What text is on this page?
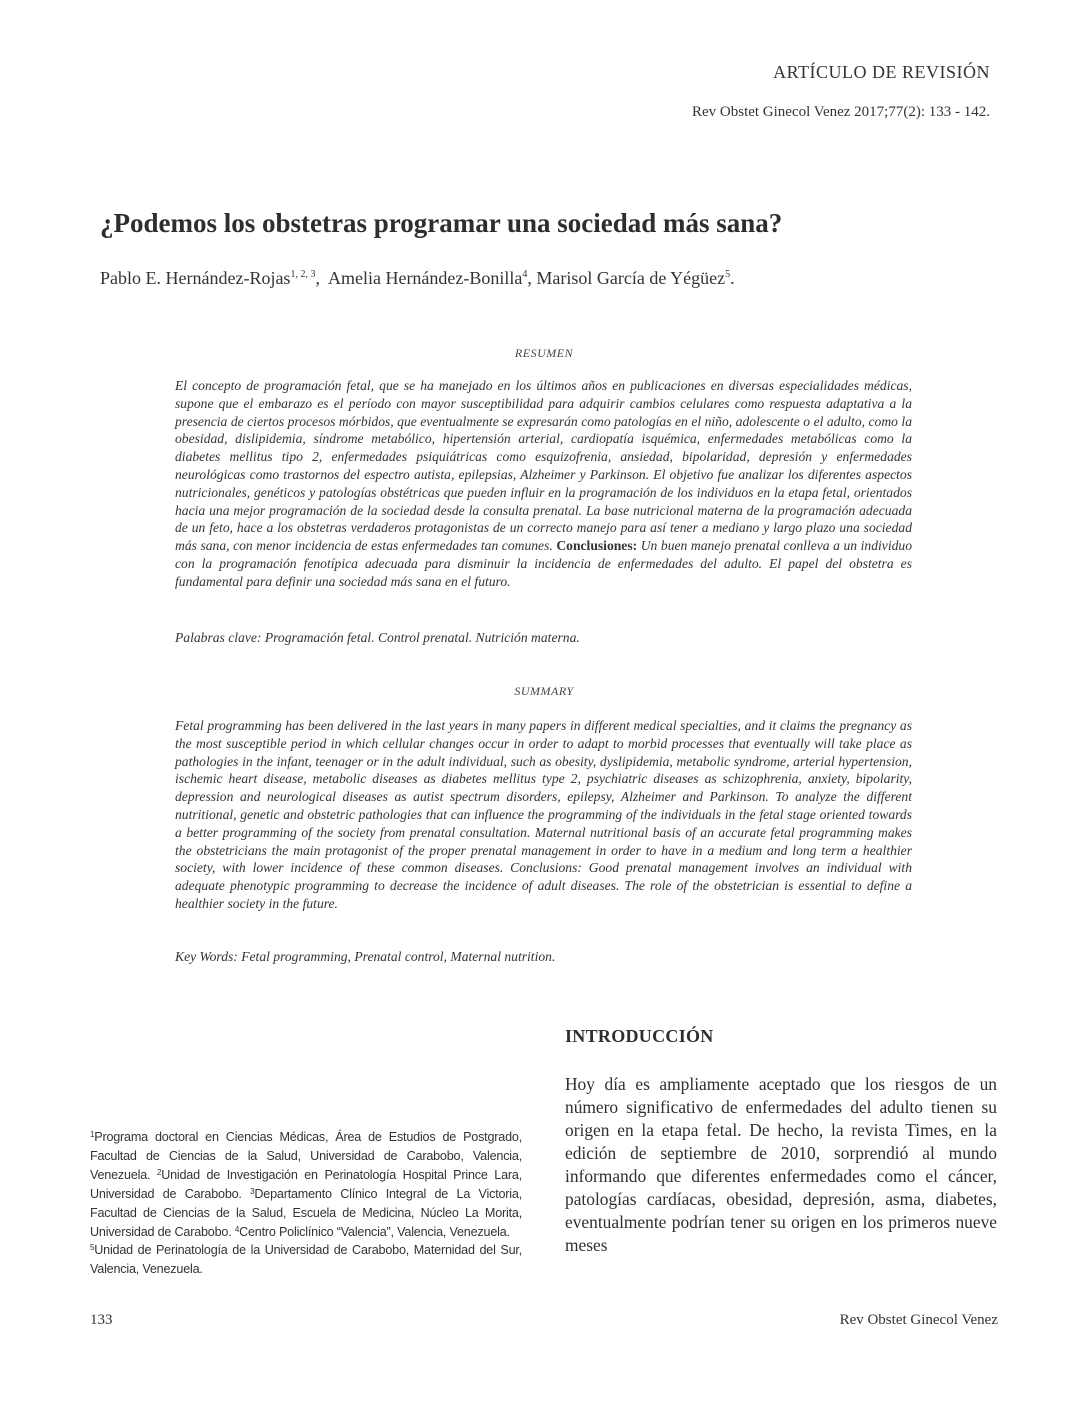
ARTÍCULO DE REVISIÓN
Rev Obstet Ginecol Venez 2017;77(2): 133 - 142.
¿Podemos los obstetras programar una sociedad más sana?
Pablo E. Hernández-Rojas$^{1, 2, 3}$, Amelia Hernández-Bonilla$^4$, Marisol García de Yégüez$^5$.
RESUMEN

El concepto de programación fetal, que se ha manejado en los últimos años en publicaciones en diversas especialidades médicas, supone que el embarazo es el período con mayor susceptibilidad para adquirir cambios celulares como respuesta adaptativa a la presencia de ciertos procesos mórbidos, que eventualmente se expresarán como patologías en el niño, adolescente o el adulto, como la obesidad, dislipidemia, síndrome metabólico, hipertensión arterial, cardiopatía isquémica, enfermedades metabólicas como la diabetes mellitus tipo 2, enfermedades psiquiátricas como esquizofrenia, ansiedad, bipolaridad, depresión y enfermedades neurológicas como trastornos del espectro autista, epilepsias, Alzheimer y Parkinson. El objetivo fue analizar los diferentes aspectos nutricionales, genéticos y patologías obstétricas que pueden influir en la programación de los individuos en la etapa fetal, orientados hacia una mejor programación de la sociedad desde la consulta prenatal. La base nutricional materna de la programación adecuada de un feto, hace a los obstetras verdaderos protagonistas de un correcto manejo para así tener a mediano y largo plazo una sociedad más sana, con menor incidencia de estas enfermedades tan comunes. Conclusiones: Un buen manejo prenatal conlleva a un individuo con la programación fenotípica adecuada para disminuir la incidencia de enfermedades del adulto. El papel del obstetra es fundamental para definir una sociedad más sana en el futuro.

Palabras clave: Programación fetal. Control prenatal. Nutrición materna.

SUMMARY

Fetal programming has been delivered in the last years in many papers in different medical specialties, and it claims the pregnancy as the most susceptible period in which cellular changes occur in order to adapt to morbid processes that eventually will take place as pathologies in the infant, teenager or in the adult individual, such as obesity, dyslipidemia, metabolic syndrome, arterial hypertension, ischemic heart disease, metabolic diseases as diabetes mellitus type 2, psychiatric diseases as schizophrenia, anxiety, bipolarity, depression and neurological diseases as autist spectrum disorders, epilepsy, Alzheimer and Parkinson. To analyze the different nutritional, genetic and obstetric pathologies that can influence the programming of the individuals in the fetal stage oriented towards a better programming of the society from prenatal consultation. Maternal nutritional basis of an accurate fetal programming makes the obstetricians the main protagonist of the proper prenatal management in order to have in a medium and long term a healthier society, with lower incidence of these common diseases. Conclusions: Good prenatal management involves an individual with adequate phenotypic programming to decrease the incidence of adult diseases. The role of the obstetrician is essential to define a healthier society in the future.

Key Words: Fetal programming, Prenatal control, Maternal nutrition.

INTRODUCCIÓN

Hoy día es ampliamente aceptado que los riesgos de un número significativo de enfermedades del adulto tienen su origen en la etapa fetal. De hecho, la revista Times, en la edición de septiembre de 2010, sorprendió al mundo informando que diferentes enfermedades como el cáncer, patologías cardíacas, obesidad, depresión, asma, diabetes, eventualmente podrían tener su origen en los primeros nueve meses

$^1$Programa doctoral en Ciencias Médicas, Área de Estudios de Postgrado, Facultad de Ciencias de la Salud, Universidad de Carabobo, Valencia, Venezuela. $^2$Unidad de Investigación en Perinatología Hospital Prince Lara, Universidad de Carabobo. $^3$Departamento Clínico Integral de La Victoria, Facultad de Ciencias de la Salud, Escuela de Medicina, Núcleo La Morita, Universidad de Carabobo. $^4$Centro Policlínico “Valencia”, Valencia, Venezuela.
$^5$Unidad de Perinatología de la Universidad de Carabobo, Maternidad del Sur, Valencia, Venezuela.

133	Rev Obstet Ginecol Venez
